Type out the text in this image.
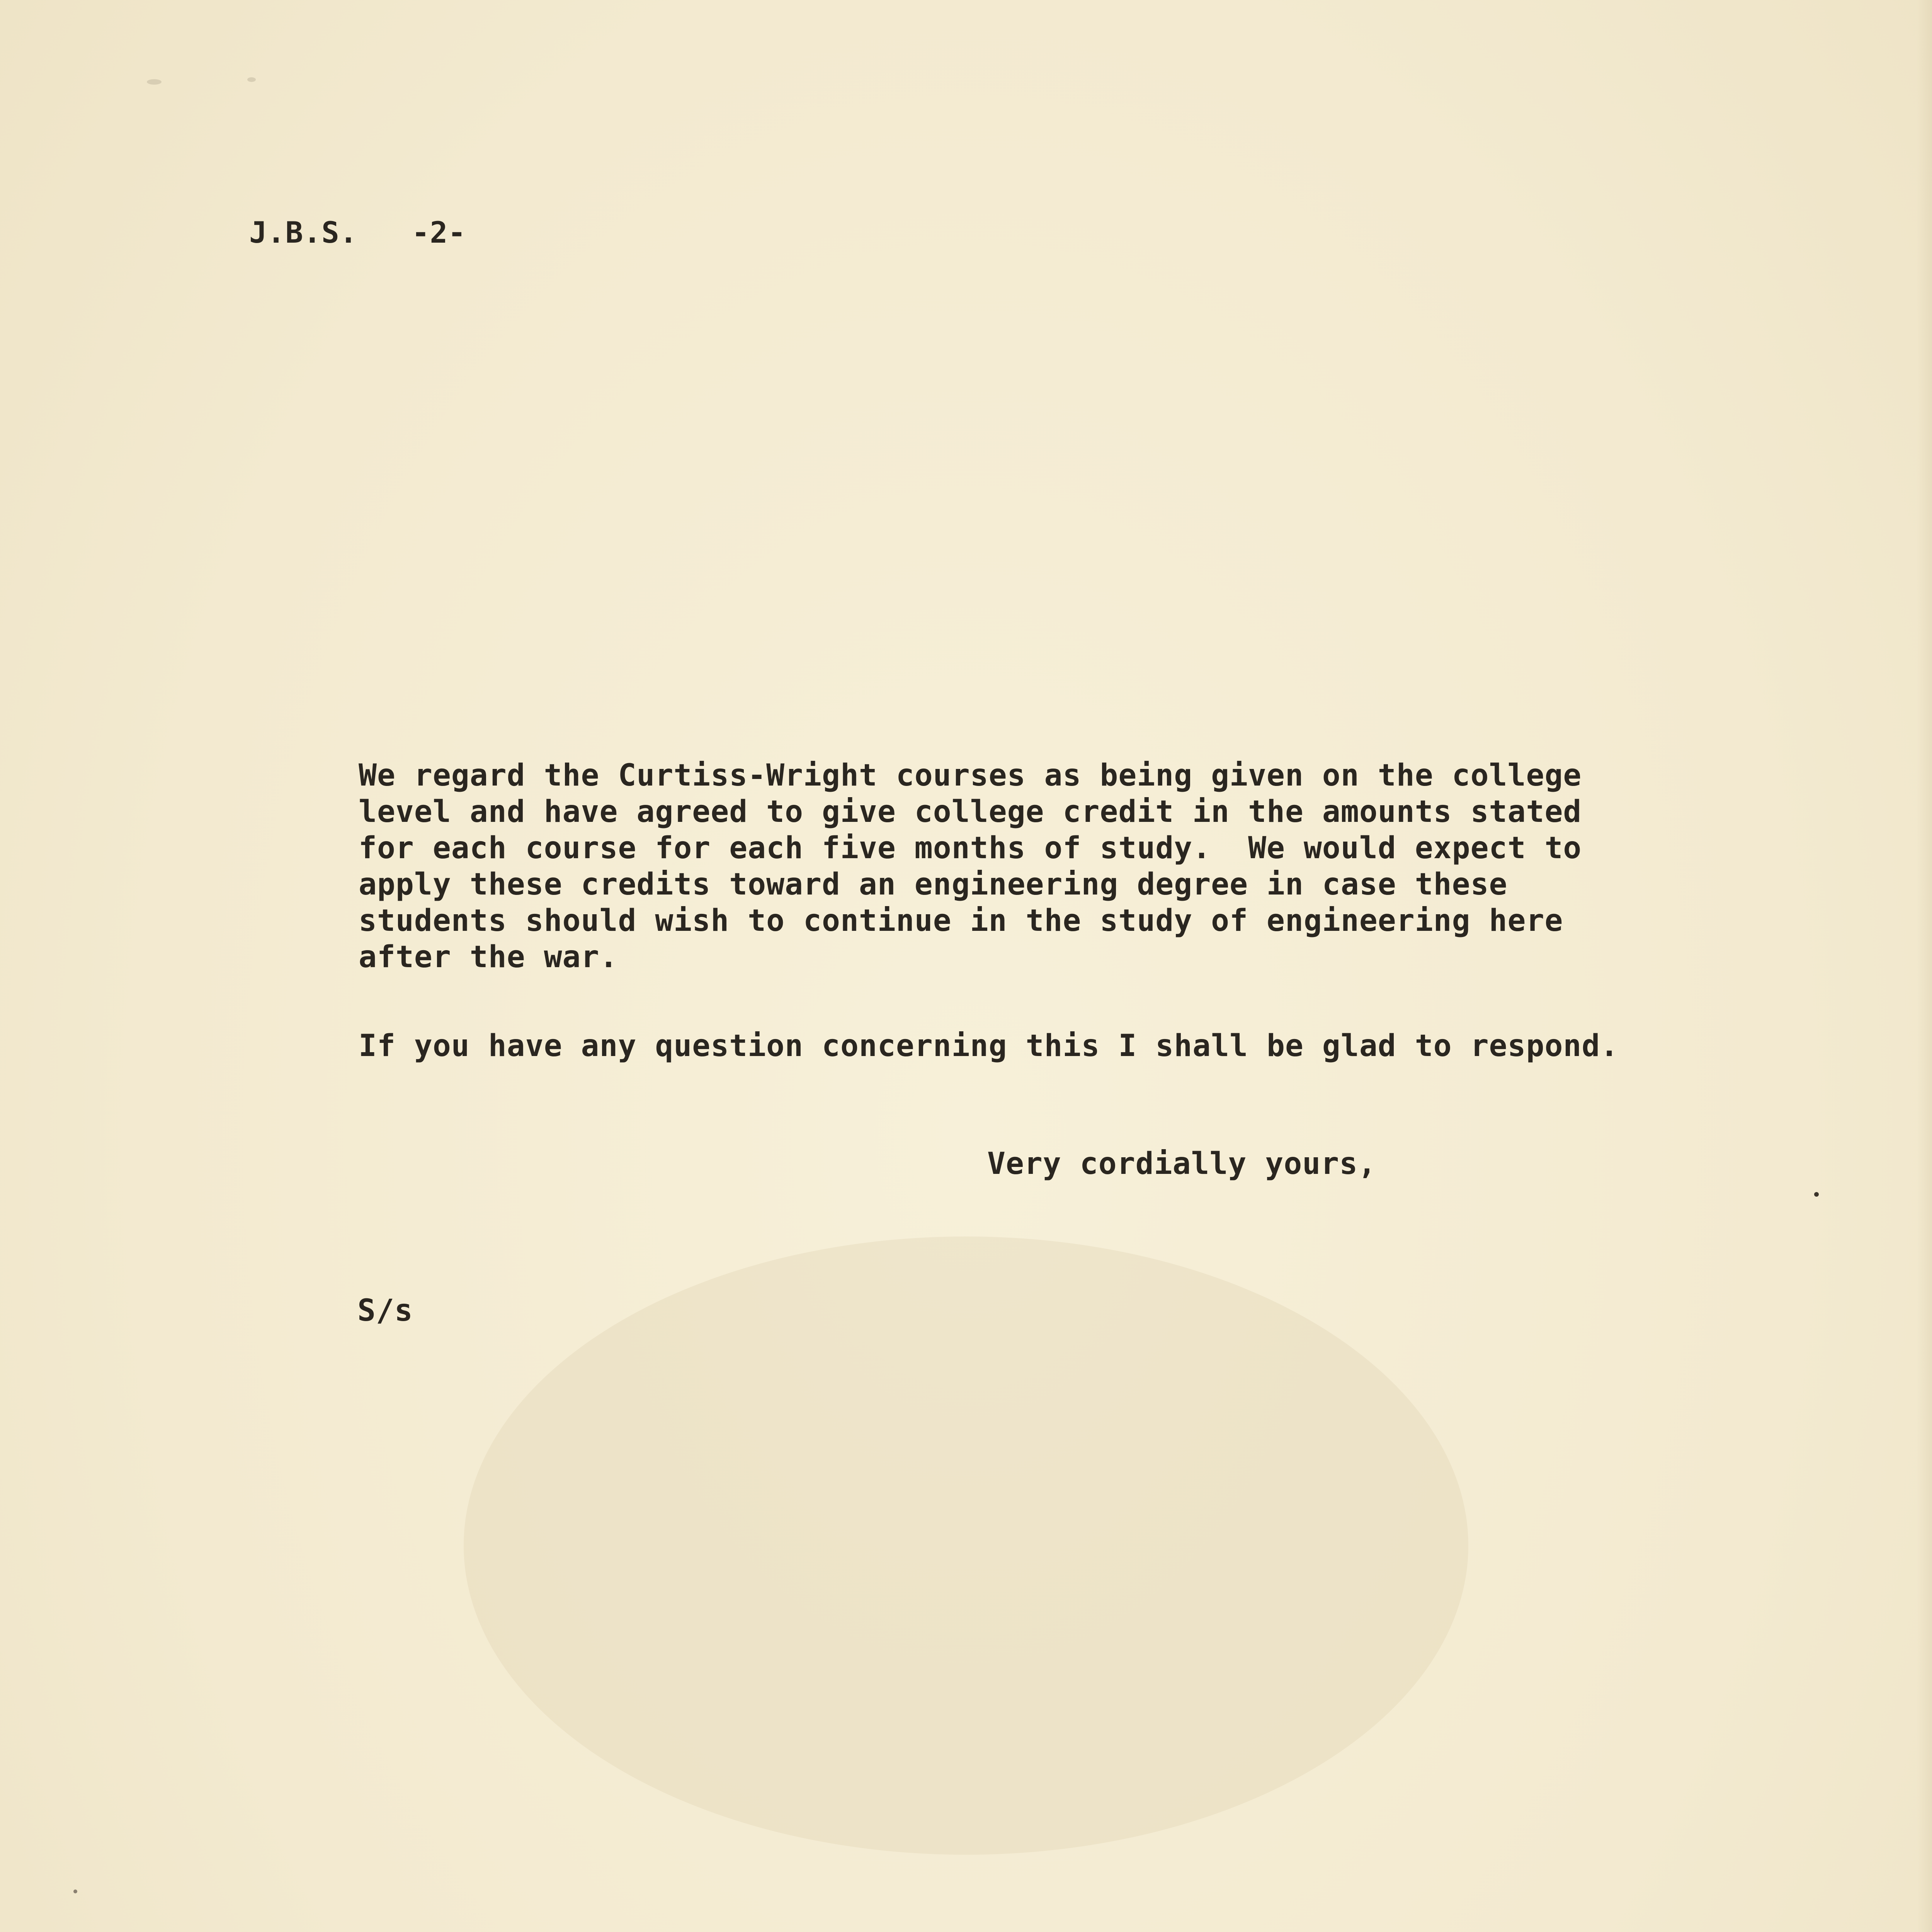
J.B.S.   -2-

We regard the Curtiss-Wright courses as being given on the college
level and have agreed to give college credit in the amounts stated
for each course for each five months of study.  We would expect to
apply these credits toward an engineering degree in case these
students should wish to continue in the study of engineering here
after the war.

If you have any question concerning this I shall be glad to respond.

Very cordially yours,

S/s
